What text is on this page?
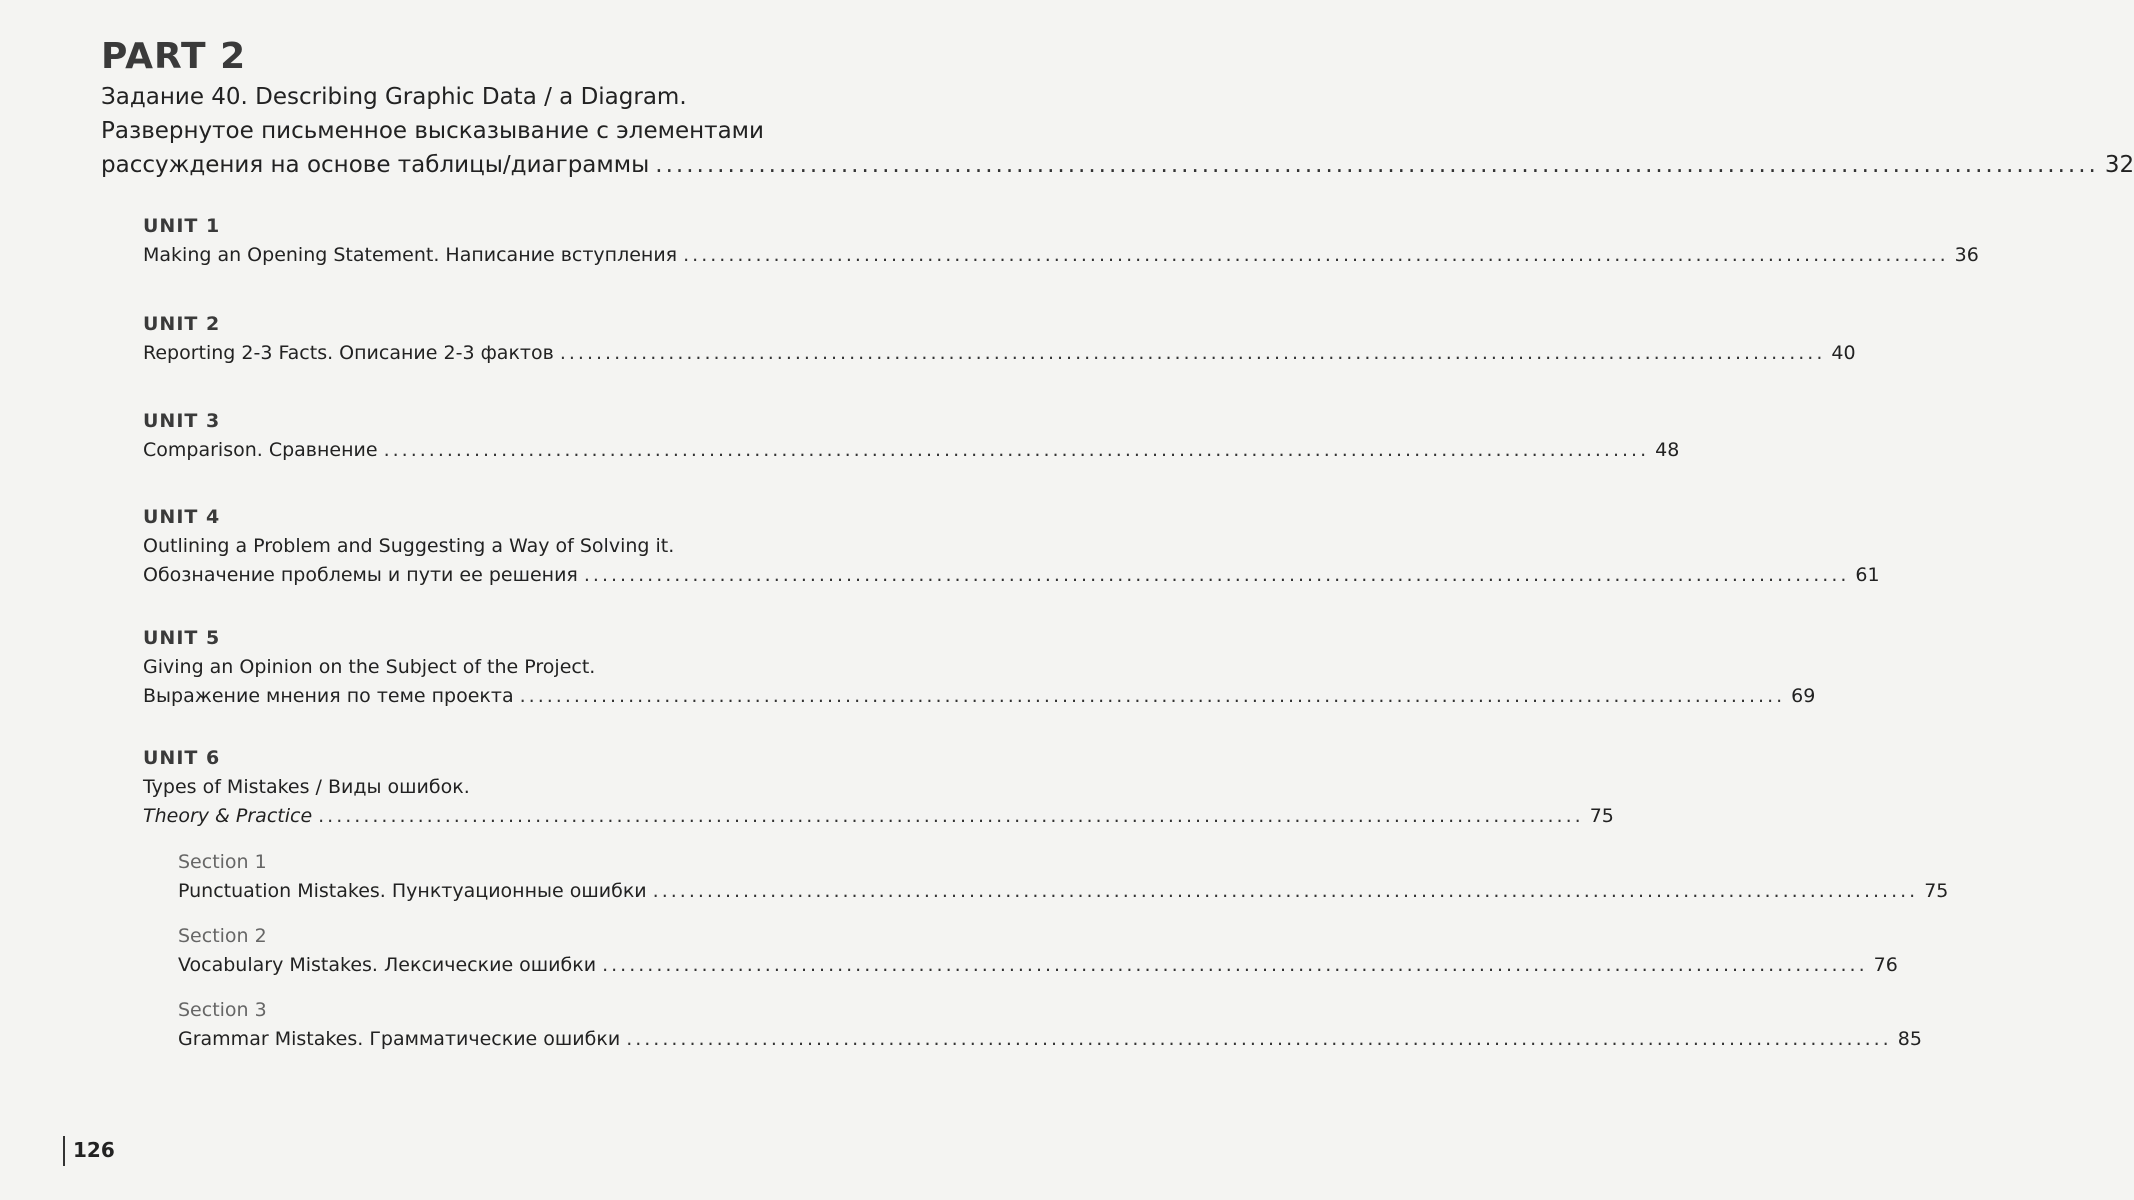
PART 2
Задание 40. Describing Graphic Data / a Diagram.
Развернутое письменное высказывание с элементами
рассуждения на основе таблицы/диаграммы .....	32
UNIT 1
Making an Opening Statement. Написание вступления .....	36
UNIT 2
Reporting 2-3 Facts. Описание 2-3 фактов .....	40
UNIT 3
Comparison. Сравнение .....	48
UNIT 4
Outlining a Problem and Suggesting a Way of Solving it.
Обозначение проблемы и пути ее решения .....	61
UNIT 5
Giving an Opinion on the Subject of the Project.
Выражение мнения по теме проекта .....	69
UNIT 6
Types of Mistakes / Виды ошибок.
Theory & Practice .....	75
Section 1
Punctuation Mistakes. Пунктуационные ошибки .....	75
Section 2
Vocabulary Mistakes. Лексические ошибки .....	76
Section 3
Grammar Mistakes. Грамматические ошибки .....	85
126
